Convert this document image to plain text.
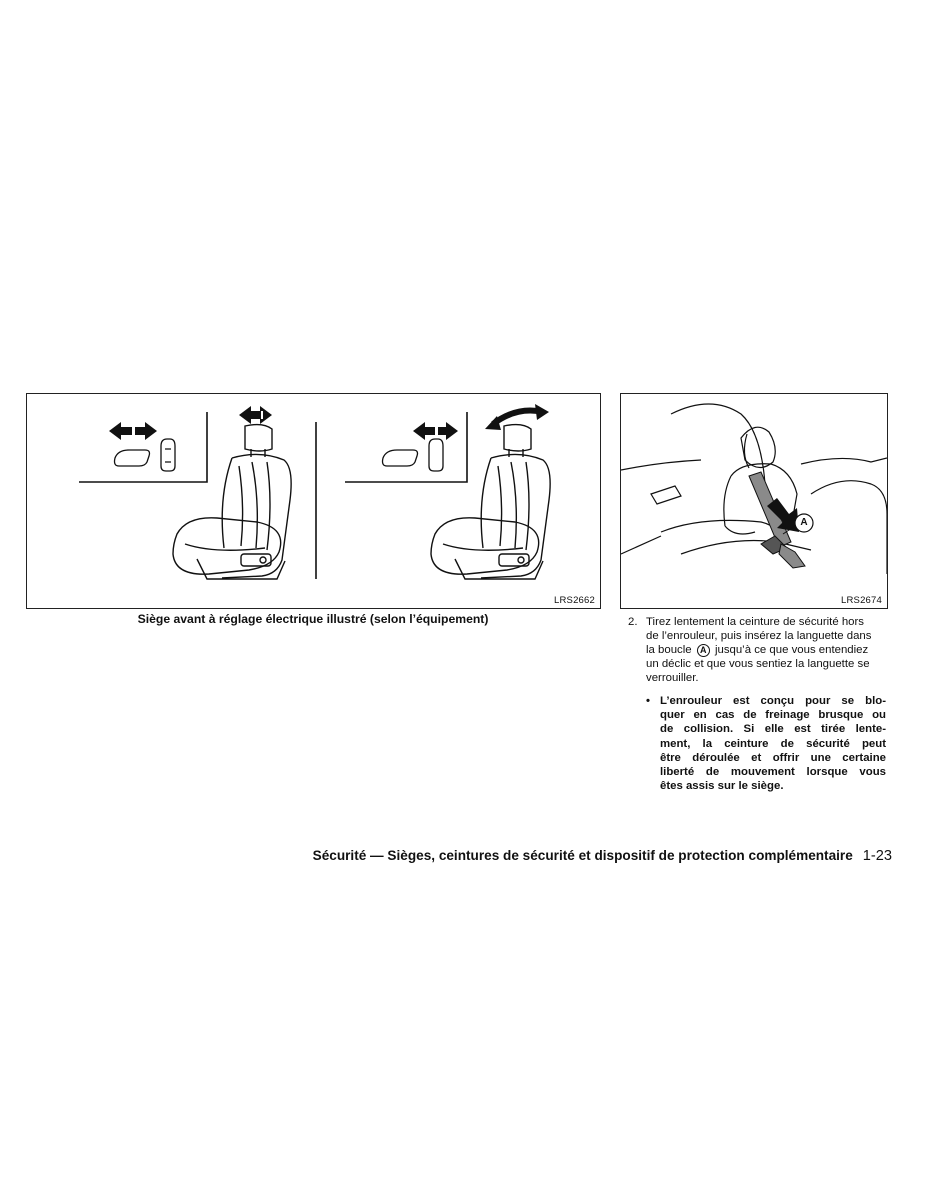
LRS2662
A
LRS2674
Siège avant à réglage électrique illustré (selon l’équipement)	2. Tirez lentement la ceinture de sécurité hors
de l’enrouleur, puis insérez la languette dans
la boucle A jusqu’à ce que vous entendiez
un déclic et que vous sentiez la languette se
verrouiller.
• L’enrouleur est conçu pour se blo-
quer en cas de freinage brusque ou
de collision. Si elle est tirée lente-
ment, la ceinture de sécurité peut
être déroulée et offrir une certaine
liberté de mouvement lorsque vous
êtes assis sur le siège.
Sécurité — Sièges, ceintures de sécurité et dispositif de protection complémentaire 1-23
